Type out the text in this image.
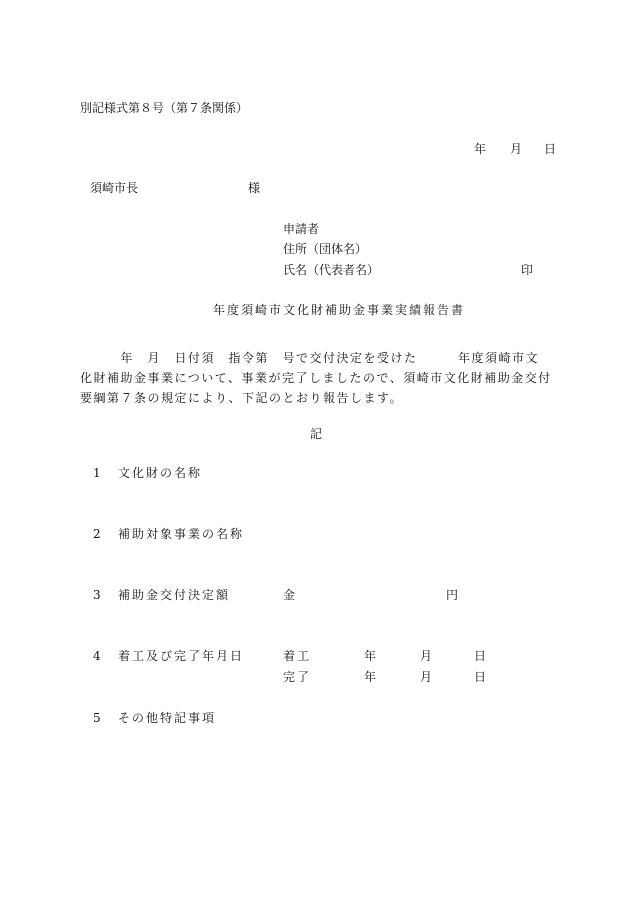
別記様式第８号（第７条関係）
年 月 日
須崎市長	様
申請者
住所（団体名）
氏名（代表者名）	印
年度須崎市文化財補助金事業実績報告書
　　　年　月　日付須　指令第　号で交付決定を受けた　　　年度須崎市文
化財補助金事業について、事業が完了しましたので、須崎市文化財補助金交付
要綱第７条の規定により、下記のとおり報告します。
記
1 文化財の名称
2 補助対象事業の名称
3 補助金交付決定額	金	円
4 着工及び完了年月日	着工	年	月	日
完了	年	月	日
5 その他特記事項
